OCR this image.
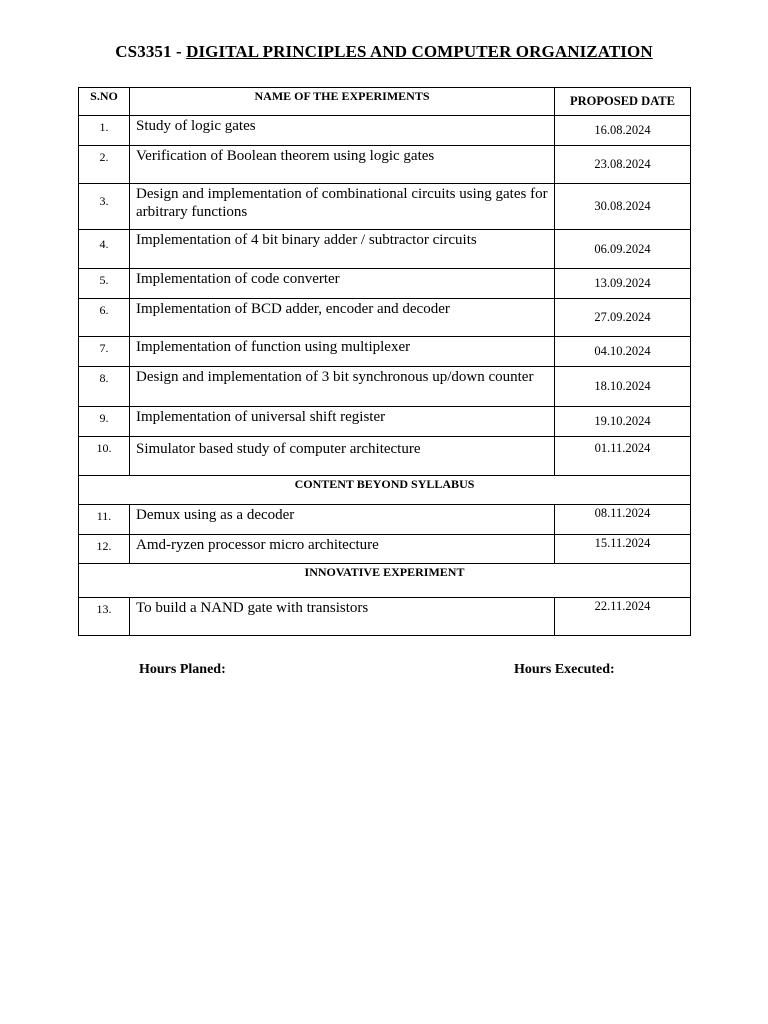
CS3351 - DIGITAL PRINCIPLES AND COMPUTER ORGANIZATION
S.NO	NAME OF THE EXPERIMENTS	PROPOSED DATE
1.	Study of logic gates	16.08.2024
2.	Verification of Boolean theorem using logic gates	23.08.2024
3.	Design and implementation of combinational circuits using gates for arbitrary functions	30.08.2024
4.	Implementation of 4 bit binary adder / subtractor circuits	06.09.2024
5.	Implementation of code converter	13.09.2024
6.	Implementation of BCD adder, encoder and decoder	27.09.2024
7.	Implementation of function using multiplexer	04.10.2024
8.	Design and implementation of 3 bit synchronous up/down counter	18.10.2024
9.	Implementation of universal shift register	19.10.2024
10.	Simulator based study of computer architecture	01.11.2024
CONTENT BEYOND SYLLABUS		
11.	Demux using as a decoder	08.11.2024
12.	Amd-ryzen processor micro architecture	15.11.2024
INNOVATIVE EXPERIMENT		
13.	To build a NAND gate with transistors	22.11.2024
Hours Planed:	Hours Executed:
